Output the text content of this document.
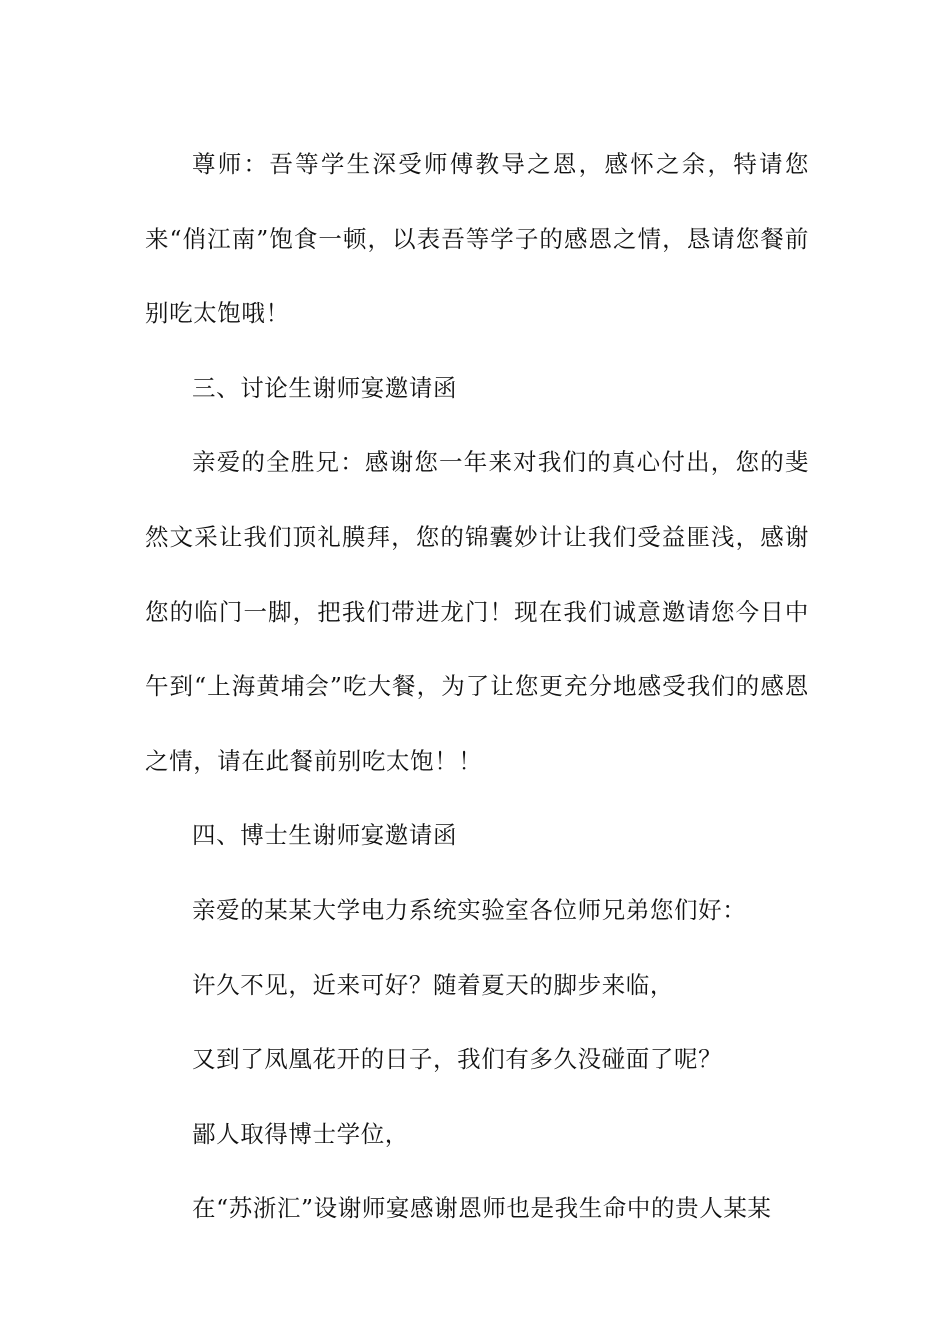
尊师：吾等学生深受师傅教导之恩，感怀之余，特请您来“俏江南”饱食一顿，以表吾等学子的感恩之情，恳请您餐前别吃太饱哦！

三、讨论生谢师宴邀请函

亲爱的全胜兄：感谢您一年来对我们的真心付出，您的斐然文采让我们顶礼膜拜，您的锦囊妙计让我们受益匪浅，感谢您的临门一脚，把我们带进龙门！现在我们诚意邀请您今日中午到“上海黄埔会”吃大餐，为了让您更充分地感受我们的感恩之情，请在此餐前别吃太饱！！

四、博士生谢师宴邀请函

亲爱的某某大学电力系统实验室各位师兄弟您们好：

许久不见，近来可好？随着夏天的脚步来临，

又到了凤凰花开的日子，我们有多久没碰面了呢？

鄙人取得博士学位，

在“苏浙汇”设谢师宴感谢恩师也是我生命中的贵人某某
